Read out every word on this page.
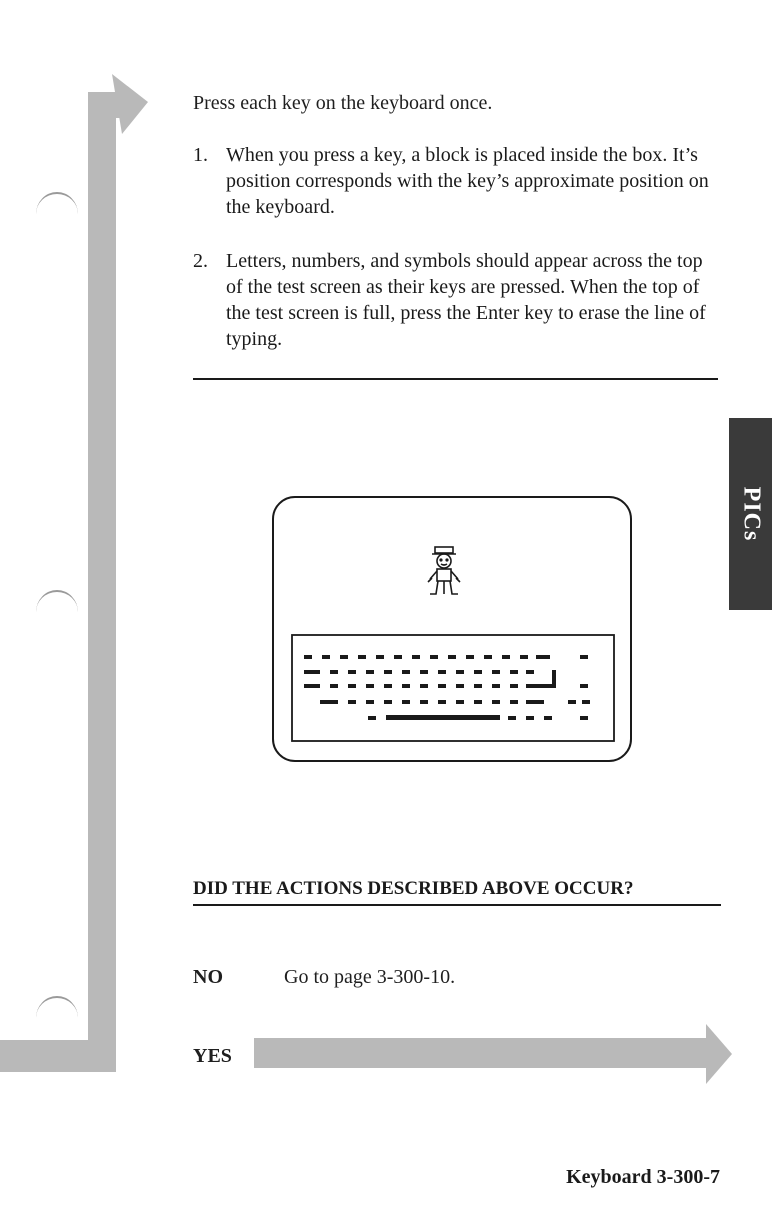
Press each key on the keyboard once.
1. When you press a key, a block is placed inside the box. It’s position corresponds with the key’s approximate position on the keyboard.
2. Letters, numbers, and symbols should appear across the top of the test screen as their keys are pressed. When the top of the test screen is full, press the Enter key to erase the line of typing.
PICs
DID THE ACTIONS DESCRIBED ABOVE OCCUR?
NO	Go to page 3-300-10.
YES
Keyboard 3-300-7
